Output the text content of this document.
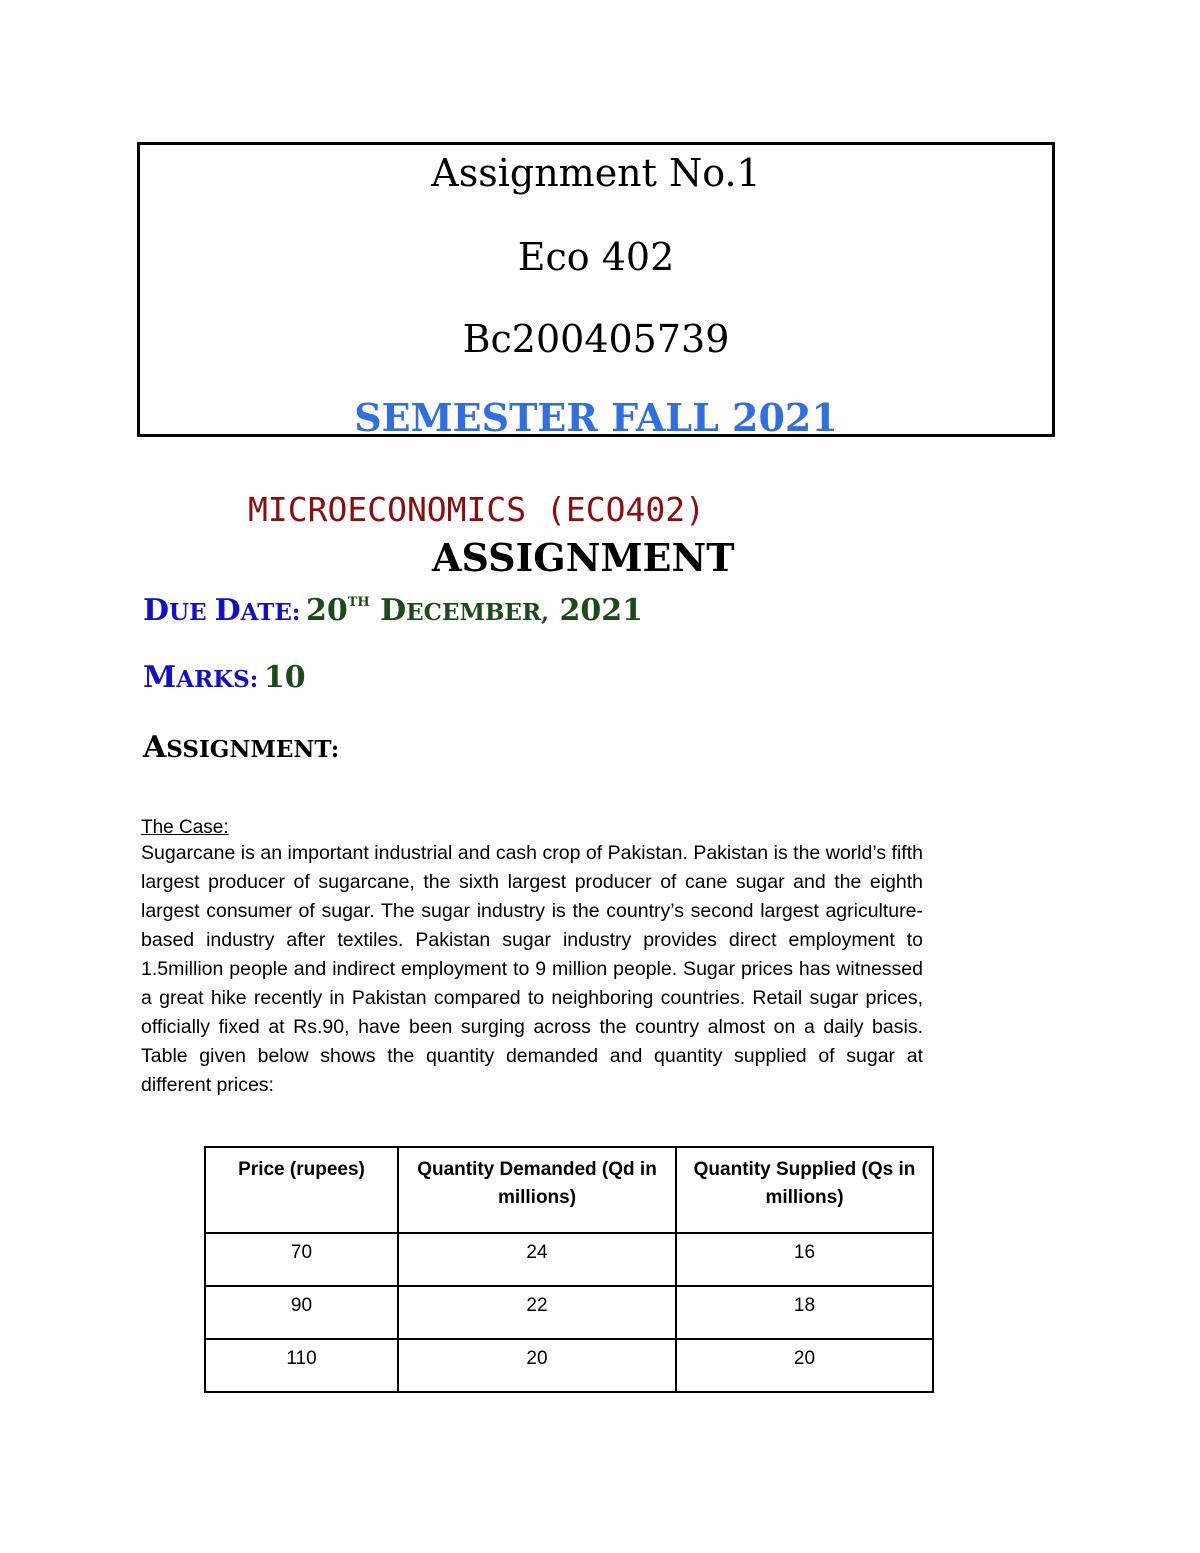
Assignment No.1
Eco 402
Bc200405739
SEMESTER FALL 2021
MICROECONOMICS (ECO402)
ASSIGNMENT
DUE DATE: 20TH DECEMBER, 2021
MARKS: 10
ASSIGNMENT:
The Case:
Sugarcane is an important industrial and cash crop of Pakistan. Pakistan is the world’s fifth largest producer of sugarcane, the sixth largest producer of cane sugar and the eighth largest consumer of sugar. The sugar industry is the country’s second largest agriculture-based industry after textiles. Pakistan sugar industry provides direct employment to 1.5million people and indirect employment to 9 million people. Sugar prices has witnessed a great hike recently in Pakistan compared to neighboring countries. Retail sugar prices, officially fixed at Rs.90, have been surging across the country almost on a daily basis. Table given below shows the quantity demanded and quantity supplied of sugar at different prices:
Price (rupees)	Quantity Demanded (Qd in millions)	Quantity Supplied (Qs in millions)
70	24	16
90	22	18
110	20	20
